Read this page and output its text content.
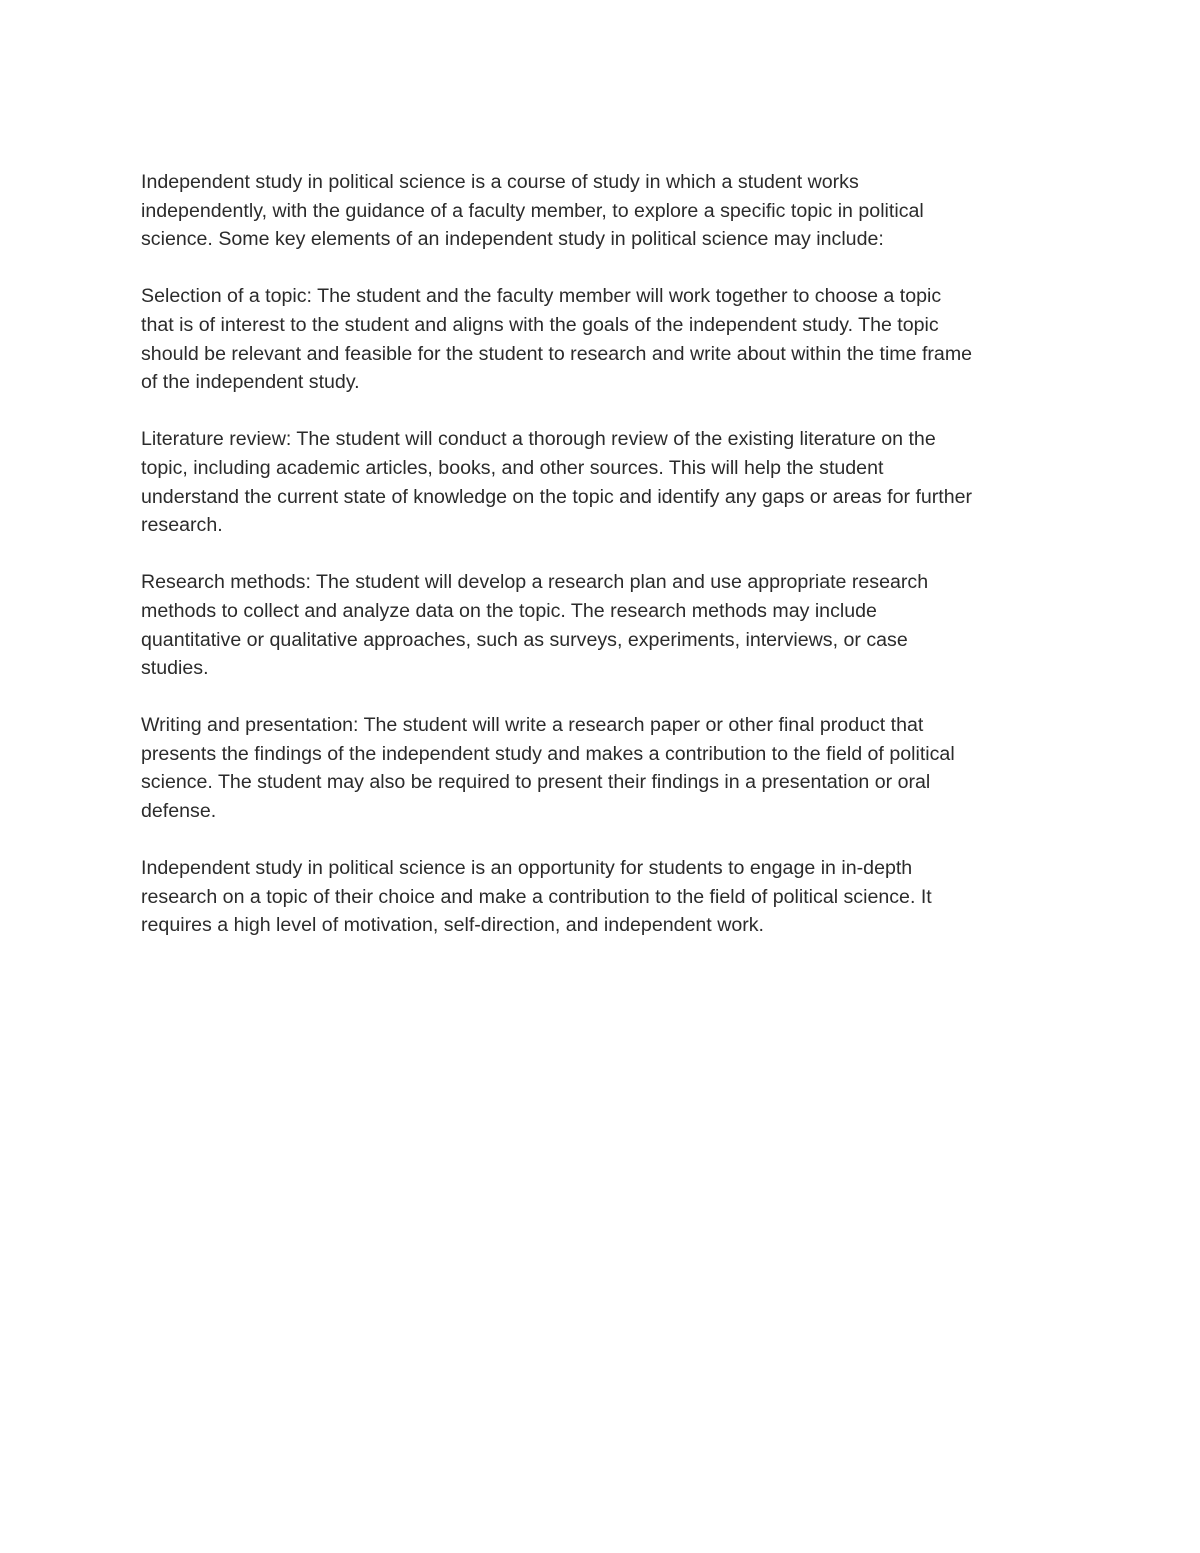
Independent study in political science is a course of study in which a student works
independently, with the guidance of a faculty member, to explore a specific topic in political
science. Some key elements of an independent study in political science may include:

Selection of a topic: The student and the faculty member will work together to choose a topic
that is of interest to the student and aligns with the goals of the independent study. The topic
should be relevant and feasible for the student to research and write about within the time frame
of the independent study.

Literature review: The student will conduct a thorough review of the existing literature on the
topic, including academic articles, books, and other sources. This will help the student
understand the current state of knowledge on the topic and identify any gaps or areas for further
research.

Research methods: The student will develop a research plan and use appropriate research
methods to collect and analyze data on the topic. The research methods may include
quantitative or qualitative approaches, such as surveys, experiments, interviews, or case
studies.

Writing and presentation: The student will write a research paper or other final product that
presents the findings of the independent study and makes a contribution to the field of political
science. The student may also be required to present their findings in a presentation or oral
defense.

Independent study in political science is an opportunity for students to engage in in-depth
research on a topic of their choice and make a contribution to the field of political science. It
requires a high level of motivation, self-direction, and independent work.
